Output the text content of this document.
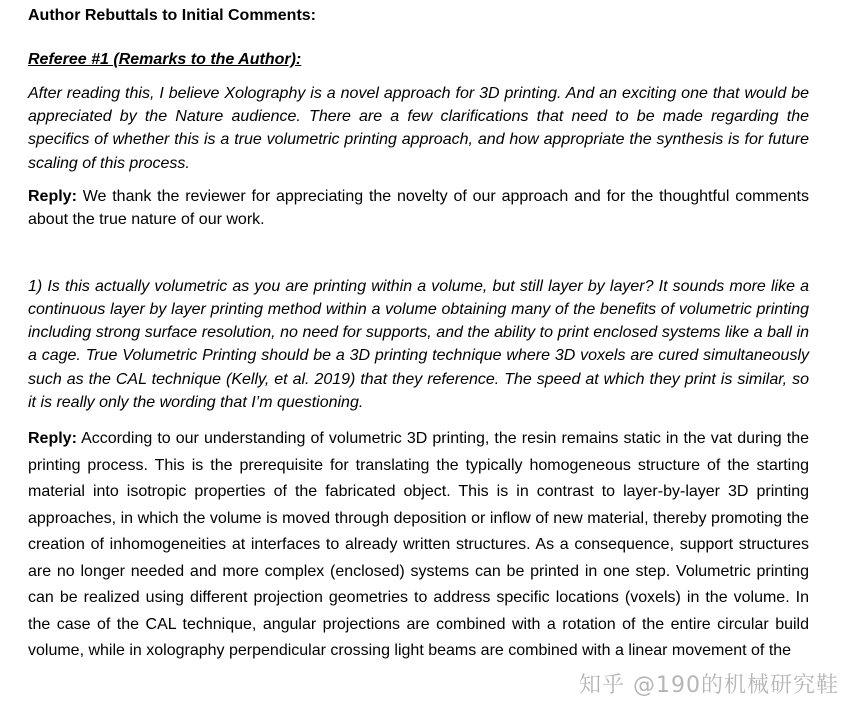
Author Rebuttals to Initial Comments:

Referee #1 (Remarks to the Author):

After reading this, I believe Xolography is a novel approach for 3D printing. And an exciting one that would be appreciated by the Nature audience. There are a few clarifications that need to be made regarding the specifics of whether this is a true volumetric printing approach, and how appropriate the synthesis is for future scaling of this process.

Reply: We thank the reviewer for appreciating the novelty of our approach and for the thoughtful comments about the true nature of our work.

1) Is this actually volumetric as you are printing within a volume, but still layer by layer? It sounds more like a continuous layer by layer printing method within a volume obtaining many of the benefits of volumetric printing including strong surface resolution, no need for supports, and the ability to print enclosed systems like a ball in a cage. True Volumetric Printing should be a 3D printing technique where 3D voxels are cured simultaneously such as the CAL technique (Kelly, et al. 2019) that they reference. The speed at which they print is similar, so it is really only the wording that I’m questioning.

Reply: According to our understanding of volumetric 3D printing, the resin remains static in the vat during the printing process. This is the prerequisite for translating the typically homogeneous structure of the starting material into isotropic properties of the fabricated object. This is in contrast to layer-by-layer 3D printing approaches, in which the volume is moved through deposition or inflow of new material, thereby promoting the creation of inhomogeneities at interfaces to already written structures. As a consequence, support structures are no longer needed and more complex (enclosed) systems can be printed in one step. Volumetric printing can be realized using different projection geometries to address specific locations (voxels) in the volume. In the case of the CAL technique, angular projections are combined with a rotation of the entire circular build volume, while in xolography perpendicular crossing light beams are combined with a linear movement of the

知乎 @190的机械研究鞋
